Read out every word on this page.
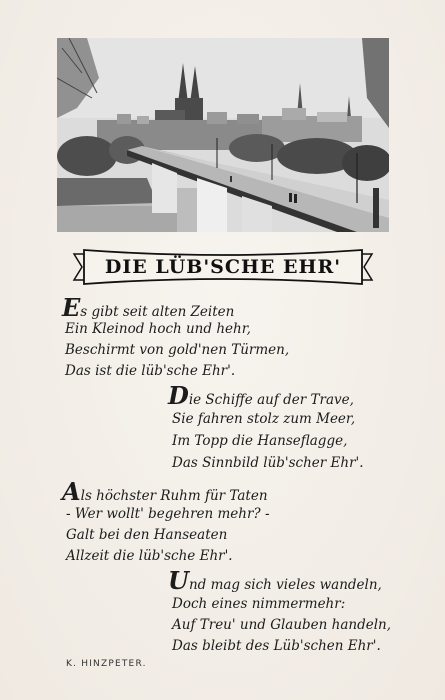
DIE LÜB'SCHE EHR'
Es gibt seit alten Zeiten
Ein Kleinod hoch und hehr,
Beschirmt von gold'nen Türmen,
Das ist die lüb'sche Ehr'.
Die Schiffe auf der Trave,
Sie fahren stolz zum Meer,
Im Topp die Hanseflagge,
Das Sinnbild lüb'scher Ehr'.
Als höchster Ruhm für Taten
- Wer wollt' begehren mehr? -
Galt bei den Hanseaten
Allzeit die lüb'sche Ehr'.
Und mag sich vieles wandeln,
Doch eines nimmermehr:
Auf Treu' und Glauben handeln,
Das bleibt des Lüb'schen Ehr'.
K. HINZPETER.
